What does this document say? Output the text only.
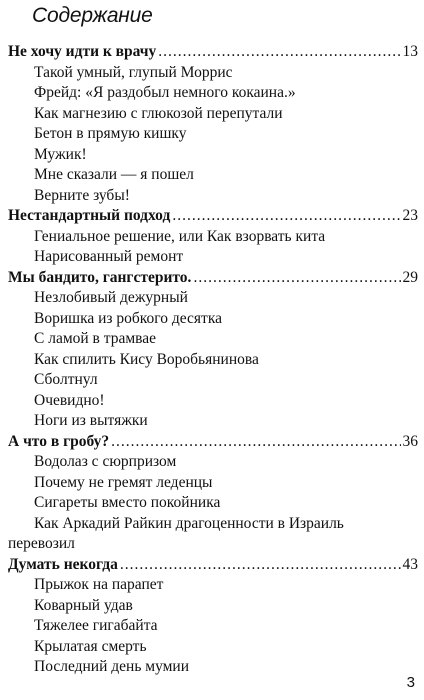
Содержание
Не хочу идти к врачу .....	13
Такой умный, глупый Моррис
Фрейд: «Я раздобыл немного кокаина.»
Как магнезию с глюкозой перепутали
Бетон в прямую кишку
Мужик!
Мне сказали — я пошел
Верните зубы!
Нестандартный подход .....	23
Гениальное решение, или Как взорвать кита
Нарисованный ремонт
Мы бандито, гангстерито. .....	29
Незлобивый дежурный
Воришка из робкого десятка
С ламой в трамвае
Как спилить Кису Воробьянинова
Сболтнул
Очевидно!
Ноги из вытяжки
А что в гробу? .....	36
Водолаз с сюрпризом
Почему не гремят леденцы
Сигареты вместо покойника
Как Аркадий Райкин драгоценности в Израиль
перевозил
Думать некогда .....	43
Прыжок на парапет
Коварный удав
Тяжелее гигабайта
Крылатая смерть
Последний день мумии
3
